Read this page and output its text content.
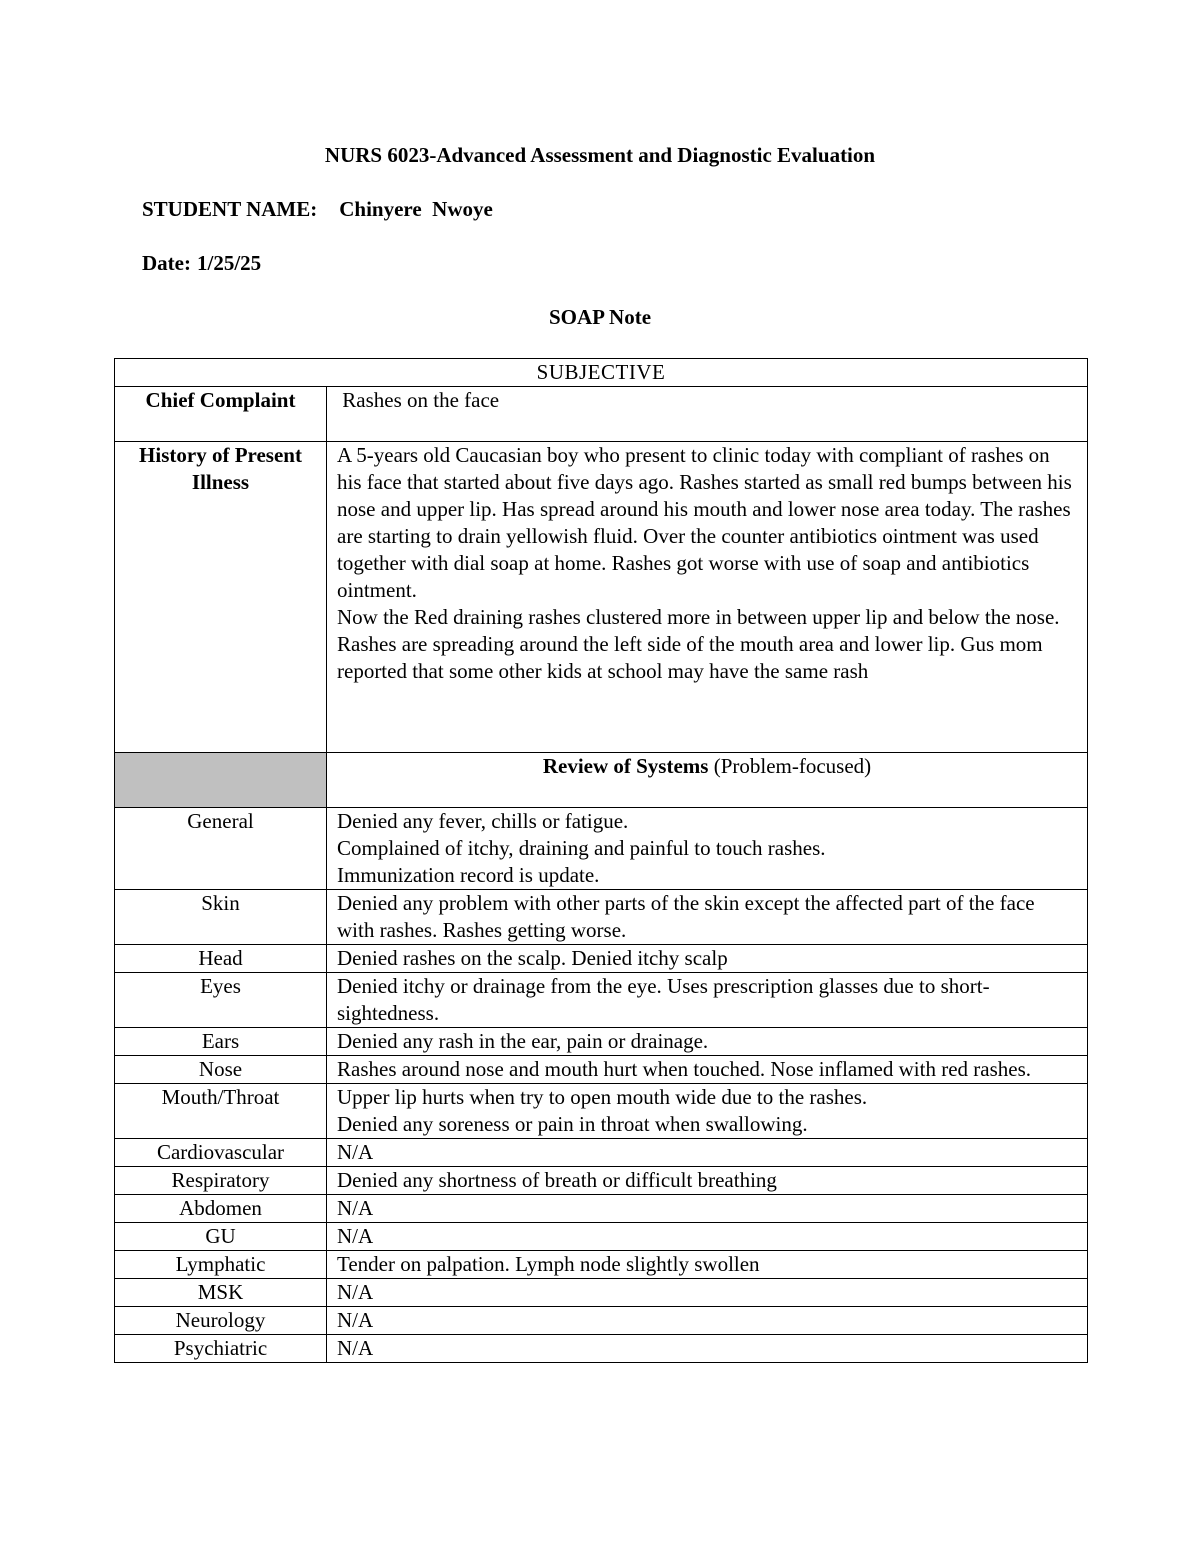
NURS 6023-Advanced Assessment and Diagnostic Evaluation
STUDENT NAME: Chinyere  Nwoye
Date: 1/25/25
SOAP Note
SUBJECTIVE	
Chief Complaint	Rashes on the face
History of Present Illness	A 5-years old Caucasian boy who present to clinic today with compliant of rashes on his face that started about five days ago. Rashes started as small red bumps between his nose and upper lip. Has spread around his mouth and lower nose area today. The rashes are starting to drain yellowish fluid. Over the counter antibiotics ointment was used together with dial soap at home. Rashes got worse with use of soap and antibiotics ointment.
Now the Red draining rashes clustered more in between upper lip and below the nose. Rashes are spreading around the left side of the mouth area and lower lip. Gus mom reported that some other kids at school may have the same rash
	Review of Systems (Problem-focused)
General	Denied any fever, chills or fatigue.
Complained of itchy, draining and painful to touch rashes.
Immunization record is update.
Skin	Denied any problem with other parts of the skin except the affected part of the face with rashes. Rashes getting worse.
Head	Denied rashes on the scalp. Denied itchy scalp
Eyes	Denied itchy or drainage from the eye. Uses prescription glasses due to short-sightedness.
Ears	Denied any rash in the ear, pain or drainage.
Nose	Rashes around nose and mouth hurt when touched. Nose inflamed with red rashes.
Mouth/Throat	Upper lip hurts when try to open mouth wide due to the rashes.
Denied any soreness or pain in throat when swallowing.
Cardiovascular	N/A
Respiratory	Denied any shortness of breath or difficult breathing
Abdomen	N/A
GU	N/A
Lymphatic	Tender on palpation. Lymph node slightly swollen
MSK	N/A
Neurology	N/A
Psychiatric	N/A
